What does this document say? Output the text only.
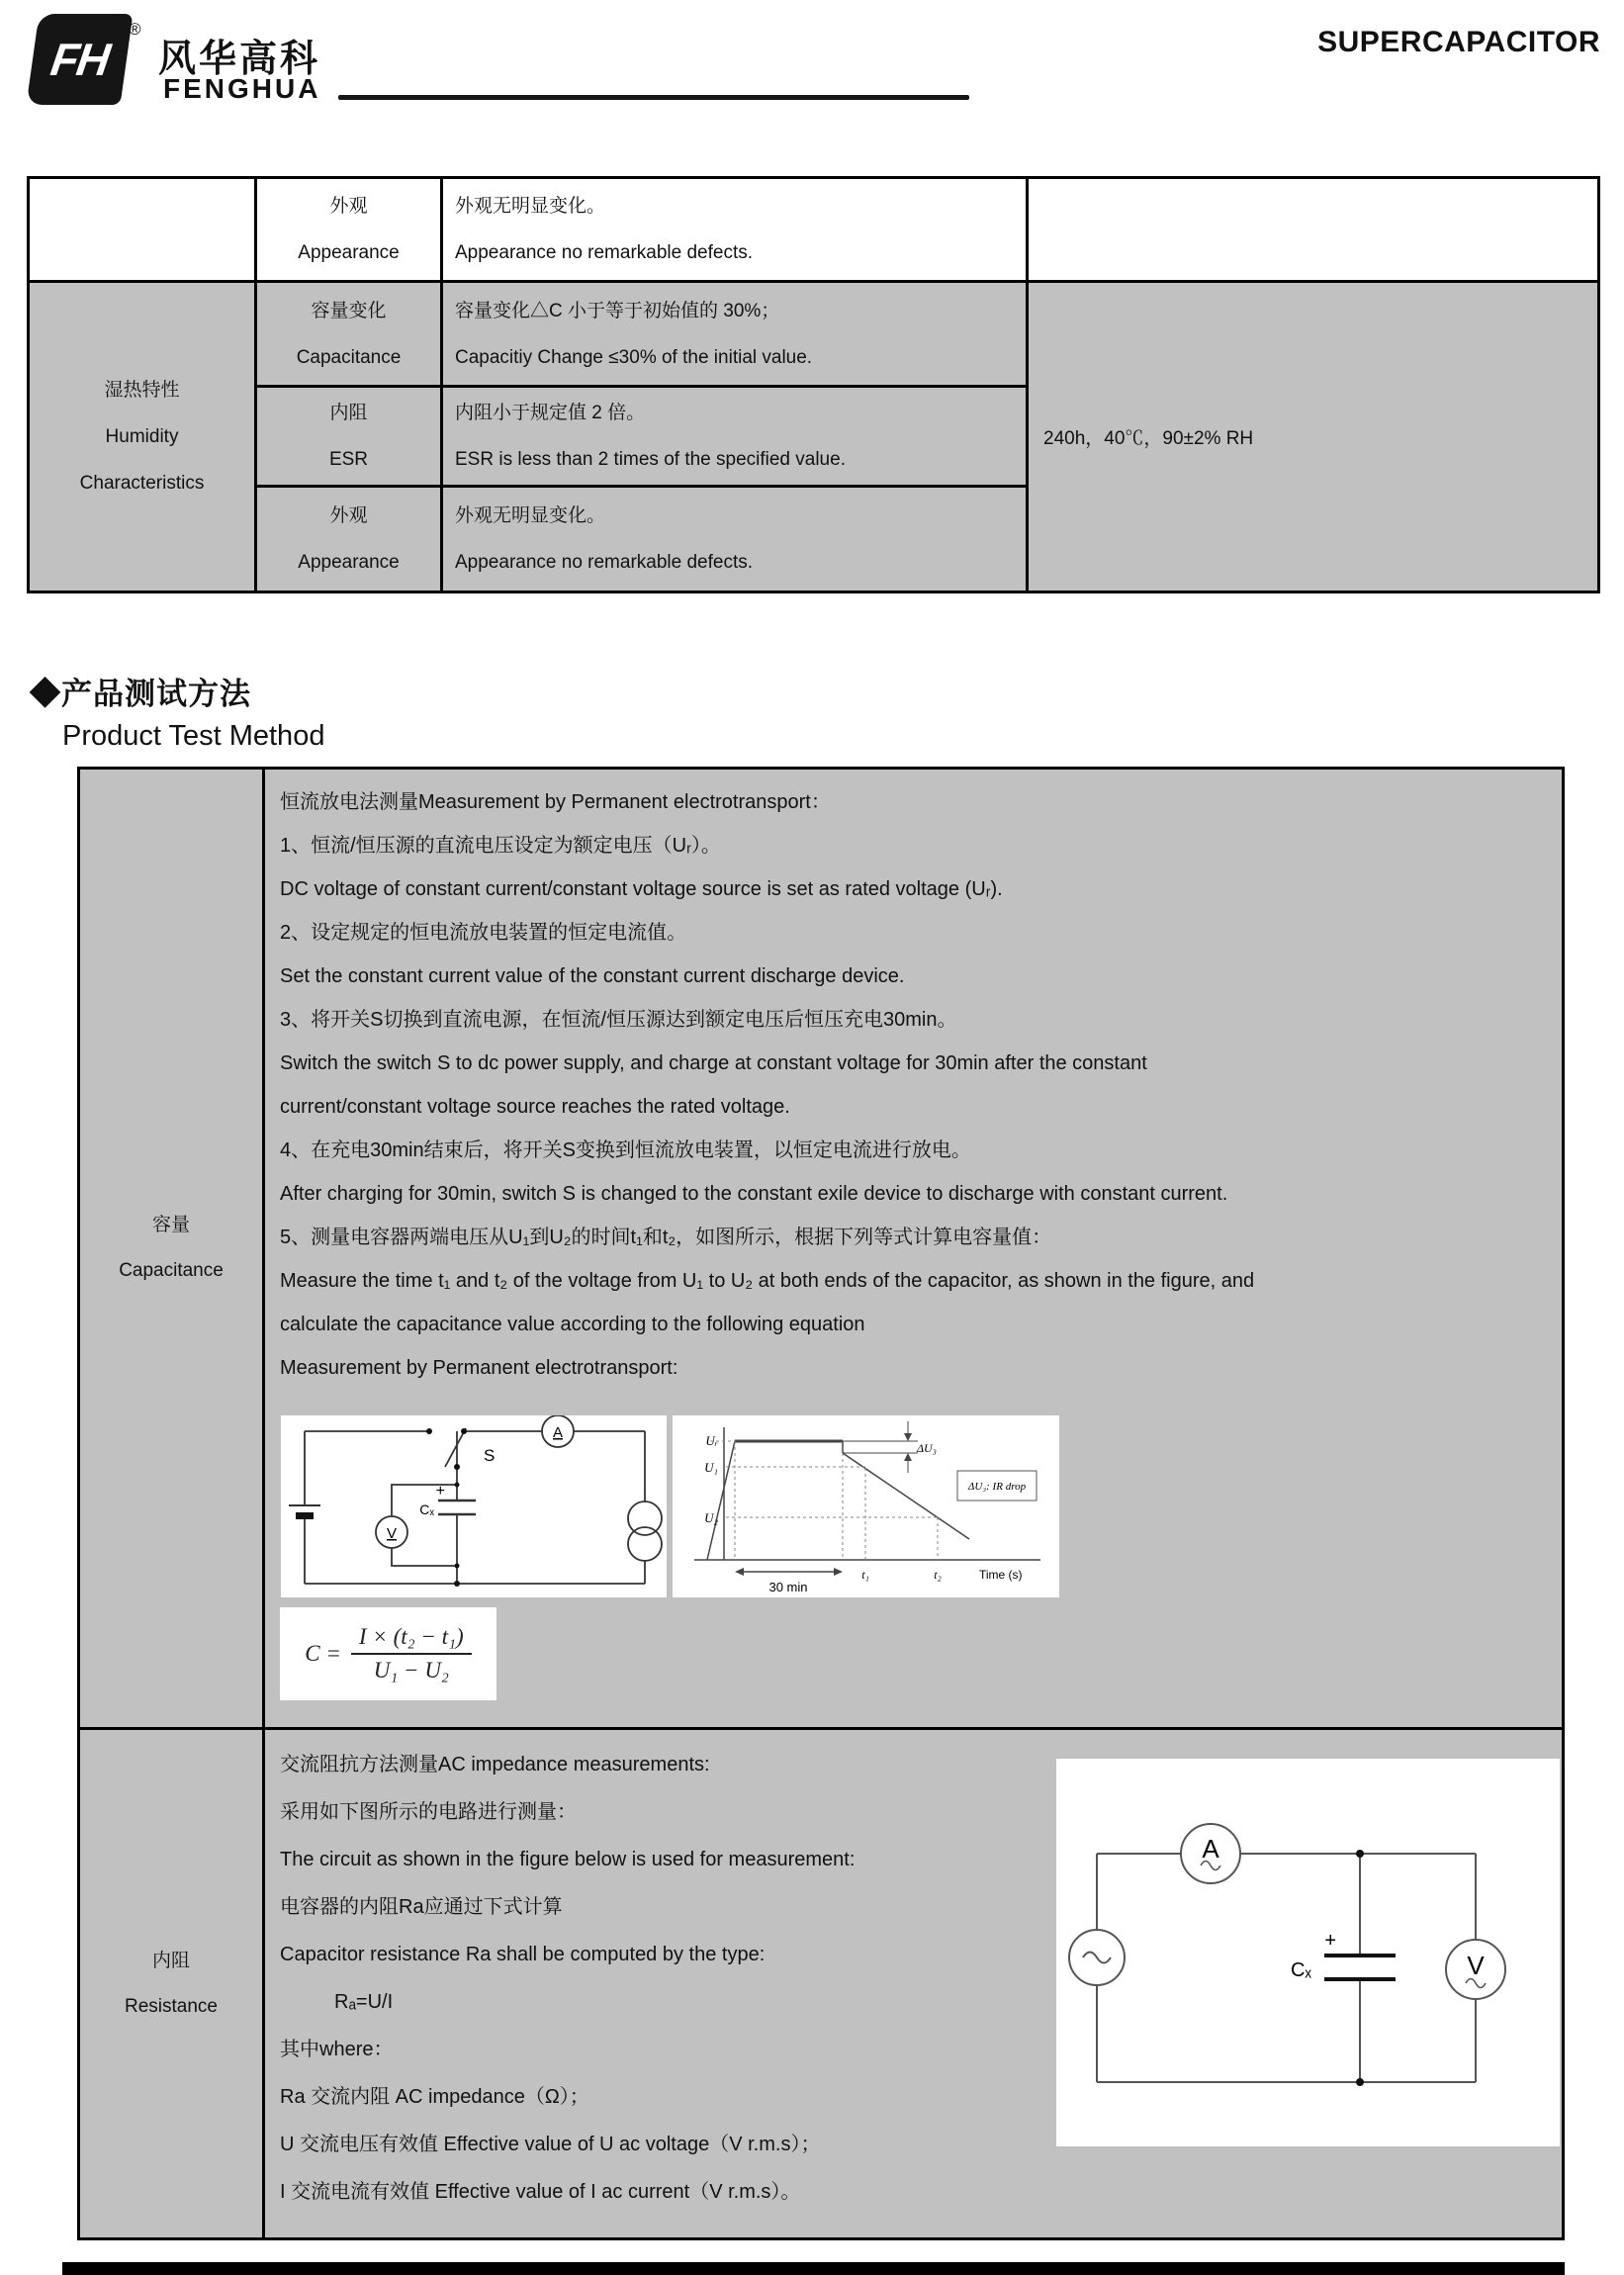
FH
®
风华高科
FENGHUA
SUPERCAPACITOR

外观
Appearance

外观无明显变化。
Appearance no remarkable defects.

湿热特性
Humidity
Characteristics

容量变化
Capacitance

容量变化△C 小于等于初始值的 30%；
Capacitiy Change ≤30% of the initial value.
	240h，40℃，90±2% RH

内阻
ESR

内阻小于规定值 2 倍。
ESR is less than 2 times of the specified value.

外观
Appearance

外观无明显变化。
Appearance no remarkable defects.
◆产品测试方法
Product Test Method
容量
Capacitance

恒流放电法测量Measurement by Permanent electrotransport：
1、恒流/恒压源的直流电压设定为额定电压（Uᵣ）。
DC voltage of constant current/constant voltage source is set as rated voltage (Uᵣ).
2、设定规定的恒电流放电装置的恒定电流值。
Set the constant current value of the constant current discharge device.
3、将开关S切换到直流电源，在恒流/恒压源达到额定电压后恒压充电30min。
Switch the switch S to dc power supply, and charge at constant voltage for 30min after the constant
current/constant voltage source reaches the rated voltage.
4、在充电30min结束后，将开关S变换到恒流放电装置，以恒定电流进行放电。
After charging for 30min, switch S is changed to the constant exile device to discharge with constant current.
5、测量电容器两端电压从U₁到U₂的时间t₁和t₂，如图所示，根据下列等式计算电容量值：
Measure the time t₁ and t₂ of the voltage from U₁ to U₂ at both ends of the capacitor, as shown in the figure, and
calculate the capacitance value according to the following equation
Measurement by Permanent electrotransport:
S
A
V
+
Cₓ
Uᵣ
U₁
U₂
ΔU₃
ΔU₃: IR drop
30 min
t₁	t₂	Time (s)
$C = \frac{\text{I × (t₂ − t₁)}}{\text{U₁ − U₂}}$

内阻
Resistance

交流阻抗方法测量AC impedance measurements:
采用如下图所示的电路进行测量：
The circuit as shown in the figure below is used for measurement:
电容器的内阻Ra应通过下式计算
Capacitor resistance Ra shall be computed by the type:
Rₐ=U/I
其中where：
Ra 交流内阻 AC impedance（Ω）；
U 交流电压有效值 Effective value of U ac voltage（V r.m.s）；
I 交流电流有效值 Effective value of I ac current（V r.m.s）。
A
V
+
Cₓ
